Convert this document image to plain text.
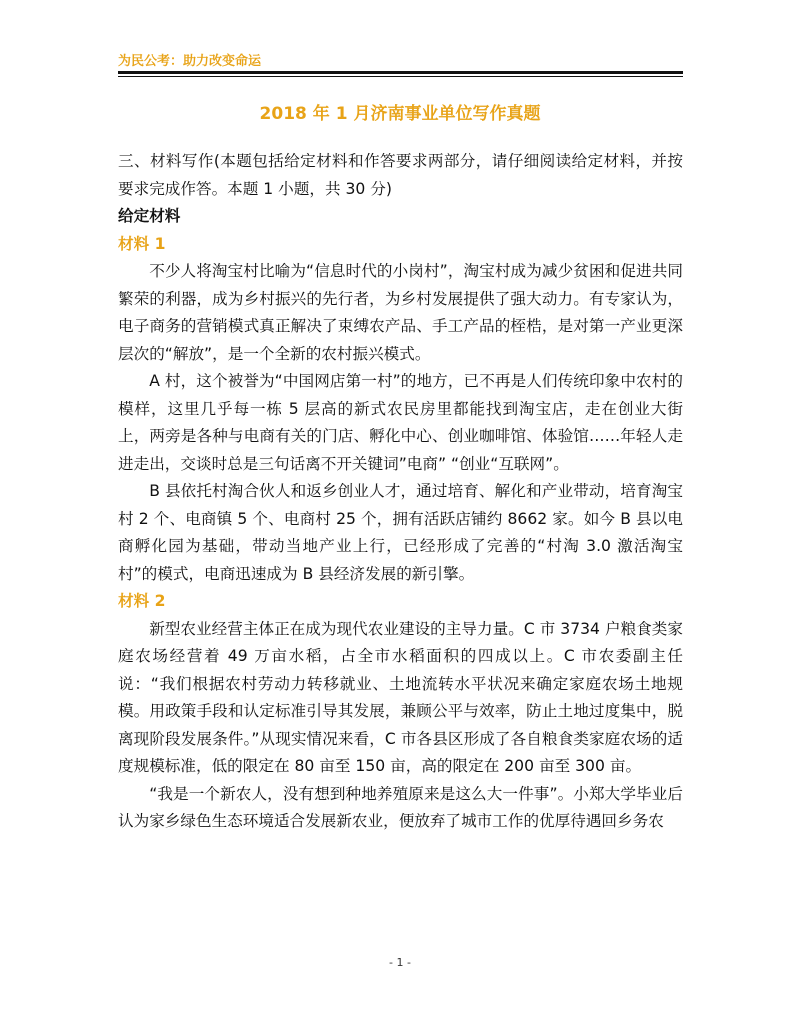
为民公考：助力改变命运
2018 年 1 月济南事业单位写作真题

三、材料写作(本题包括给定材料和作答要求两部分，请仔细阅读给定材料，并按要求完成作答。本题 1 小题，共 30 分)

给定材料

材料 1

不少人将淘宝村比喻为“信息时代的小岗村”，淘宝村成为减少贫困和促进共同繁荣的利器，成为乡村振兴的先行者，为乡村发展提供了强大动力。有专家认为，电子商务的营销模式真正解决了束缚农产品、手工产品的桎梏，是对第一产业更深层次的“解放”，是一个全新的农村振兴模式。

A 村，这个被誉为“中国网店第一村”的地方，已不再是人们传统印象中农村的模样，这里几乎每一栋 5 层高的新式农民房里都能找到淘宝店，走在创业大街上，两旁是各种与电商有关的门店、孵化中心、创业咖啡馆、体验馆……年轻人走进走出，交谈时总是三句话离不开关键词”电商” “创业“互联网”。

B 县依托村淘合伙人和返乡创业人才，通过培育、解化和产业带动，培育淘宝村 2 个、电商镇 5 个、电商村 25 个，拥有活跃店铺约 8662 家。如今 B 县以电商孵化园为基础，带动当地产业上行，已经形成了完善的“村淘 3.0 激活淘宝村”的模式，电商迅速成为 B 县经济发展的新引擎。

材料 2

新型农业经营主体正在成为现代农业建设的主导力量。C 市 3734 户粮食类家庭农场经营着 49 万亩水稻，占全市水稻面积的四成以上。C 市农委副主任说：“我们根据农村劳动力转移就业、土地流转水平状况来确定家庭农场土地规模。用政策手段和认定标准引导其发展，兼顾公平与效率，防止土地过度集中，脱离现阶段发展条件。”从现实情况来看，C 市各县区形成了各自粮食类家庭农场的适度规模标准，低的限定在 80 亩至 150 亩，高的限定在 200 亩至 300 亩。

“我是一个新农人，没有想到种地养殖原来是这么大一件事”。小郑大学毕业后认为家乡绿色生态环境适合发展新农业，便放弃了城市工作的优厚待遇回乡务农

- 1 -
